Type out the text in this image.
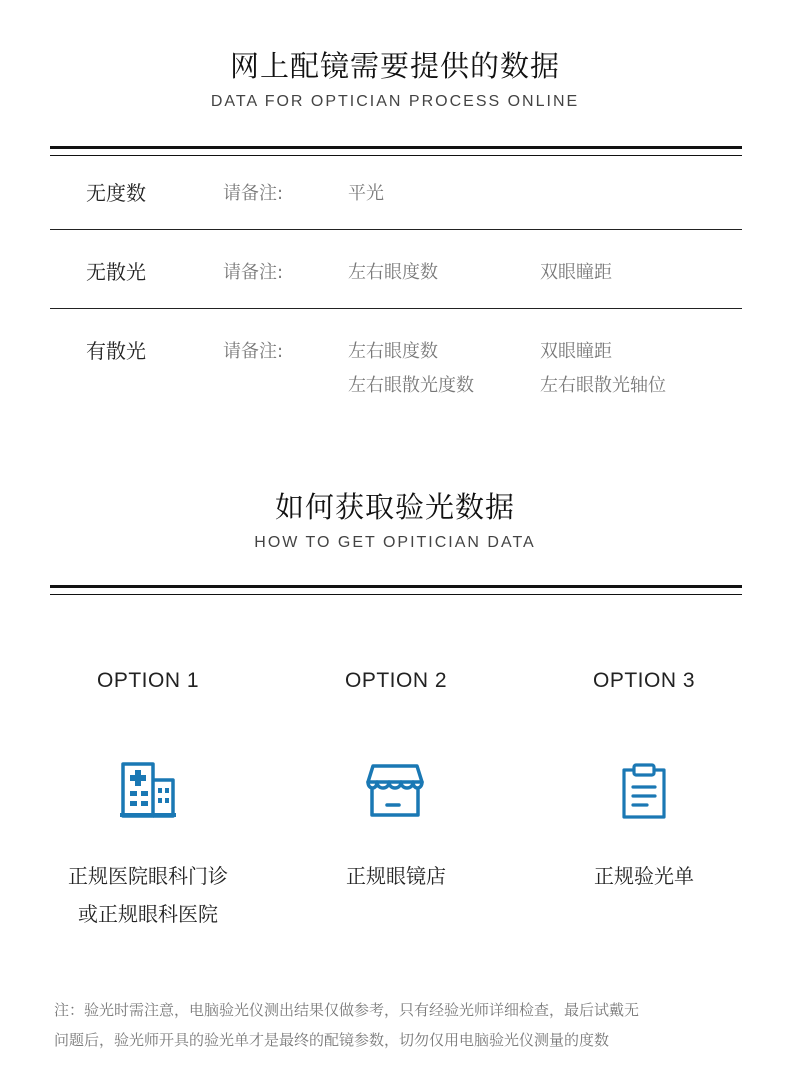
网上配镜需要提供的数据
DATA FOR OPTICIAN PROCESS ONLINE
无度数	请备注:	平光
无散光	请备注:	左右眼度数	双眼瞳距
有散光	请备注:	左右眼度数	双眼瞳距
左右眼散光度数	左右眼散光轴位
如何获取验光数据
HOW TO GET OPITICIAN DATA
OPTION 1	OPTION 2	OPTION 3
正规医院眼科门诊
或正规眼科医院
正规眼镜店	正规验光单
注：验光时需注意，电脑验光仪测出结果仅做参考，只有经验光师详细检查，最后试戴无
问题后，验光师开具的验光单才是最终的配镜参数，切勿仅用电脑验光仪测量的度数
